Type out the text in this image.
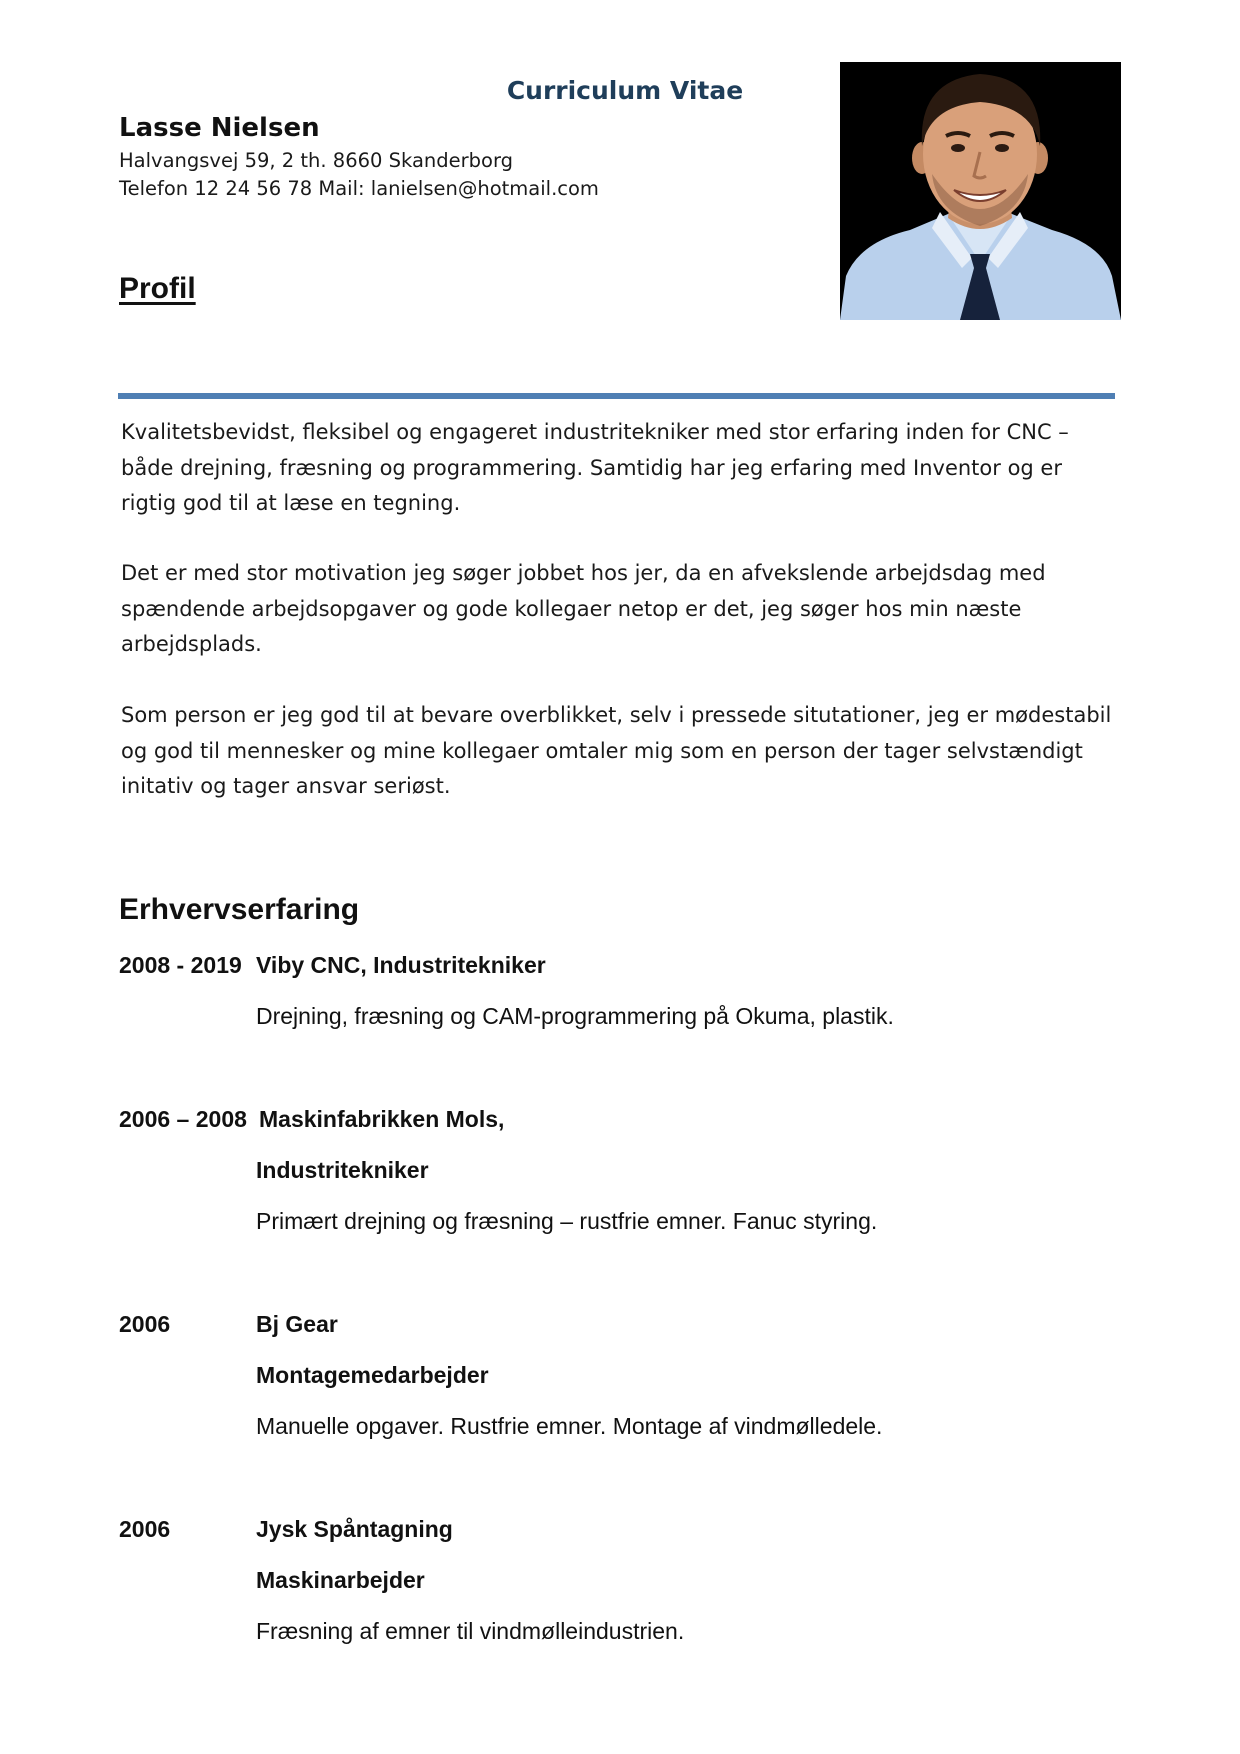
Curriculum Vitae
Lasse Nielsen

Halvangsvej 59, 2 th. 8660 Skanderborg

Telefon 12 24 56 78 Mail: lanielsen@hotmail.com

Profil

Kvalitetsbevidst, fleksibel og engageret industritekniker med stor erfaring inden for CNC – både drejning, fræsning og programmering. Samtidig har jeg erfaring med Inventor og er rigtig god til at læse en tegning.

Det er med stor motivation jeg søger jobbet hos jer, da en afvekslende arbejdsdag med spændende arbejdsopgaver og gode kollegaer netop er det, jeg søger hos min næste arbejdsplads.

Som person er jeg god til at bevare overblikket, selv i pressede situtationer, jeg er mødestabil og god til mennesker og mine kollegaer omtaler mig som en person der tager selvstændigt initativ og tager ansvar seriøst.

Erhvervserfaring

2008 - 2019 Viby CNC, Industritekniker

Drejning, fræsning og CAM-programmering på Okuma, plastik.

2006 – 2008 Maskinfabrikken Mols,

Industritekniker

Primært drejning og fræsning – rustfrie emner. Fanuc styring.

2006	Bj Gear

Montagemedarbejder

Manuelle opgaver. Rustfrie emner. Montage af vindmølledele.

2006	Jysk Spåntagning

Maskinarbejder

Fræsning af emner til vindmølleindustrien.
